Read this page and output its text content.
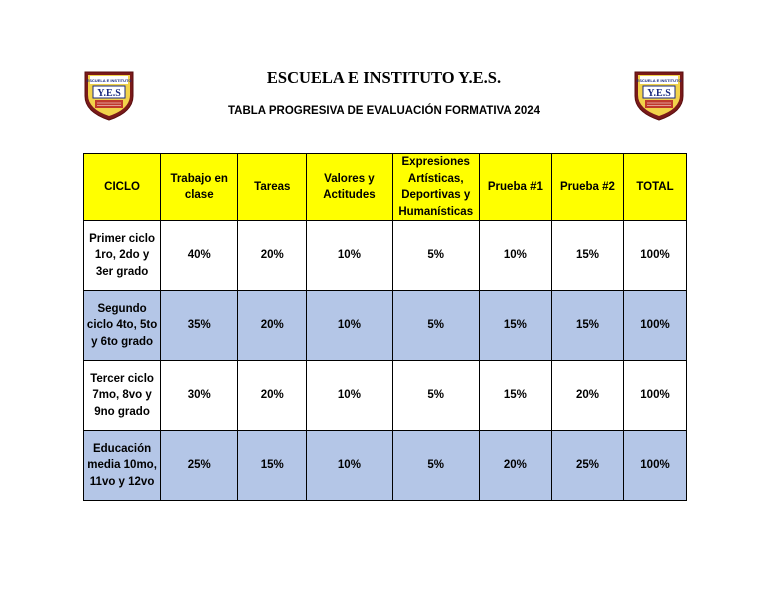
ESCUELA E INSTITUTO
Y.E.S
ESCUELA E INSTITUTO
Y.E.S
ESCUELA E INSTITUTO Y.E.S.
TABLA PROGRESIVA DE EVALUACIÓN FORMATIVA 2024
CICLO	Trabajo en clase	Tareas	Valores y Actitudes	Expresiones Artísticas, Deportivas y Humanísticas	Prueba #1	Prueba #2	TOTAL
Primer ciclo 1ro, 2do y 3er grado	40%	20%	10%	5%	10%	15%	100%
Segundo ciclo 4to, 5to y 6to grado	35%	20%	10%	5%	15%	15%	100%
Tercer ciclo 7mo, 8vo y 9no grado	30%	20%	10%	5%	15%	20%	100%
Educación media 10mo, 11vo y 12vo	25%	15%	10%	5%	20%	25%	100%
